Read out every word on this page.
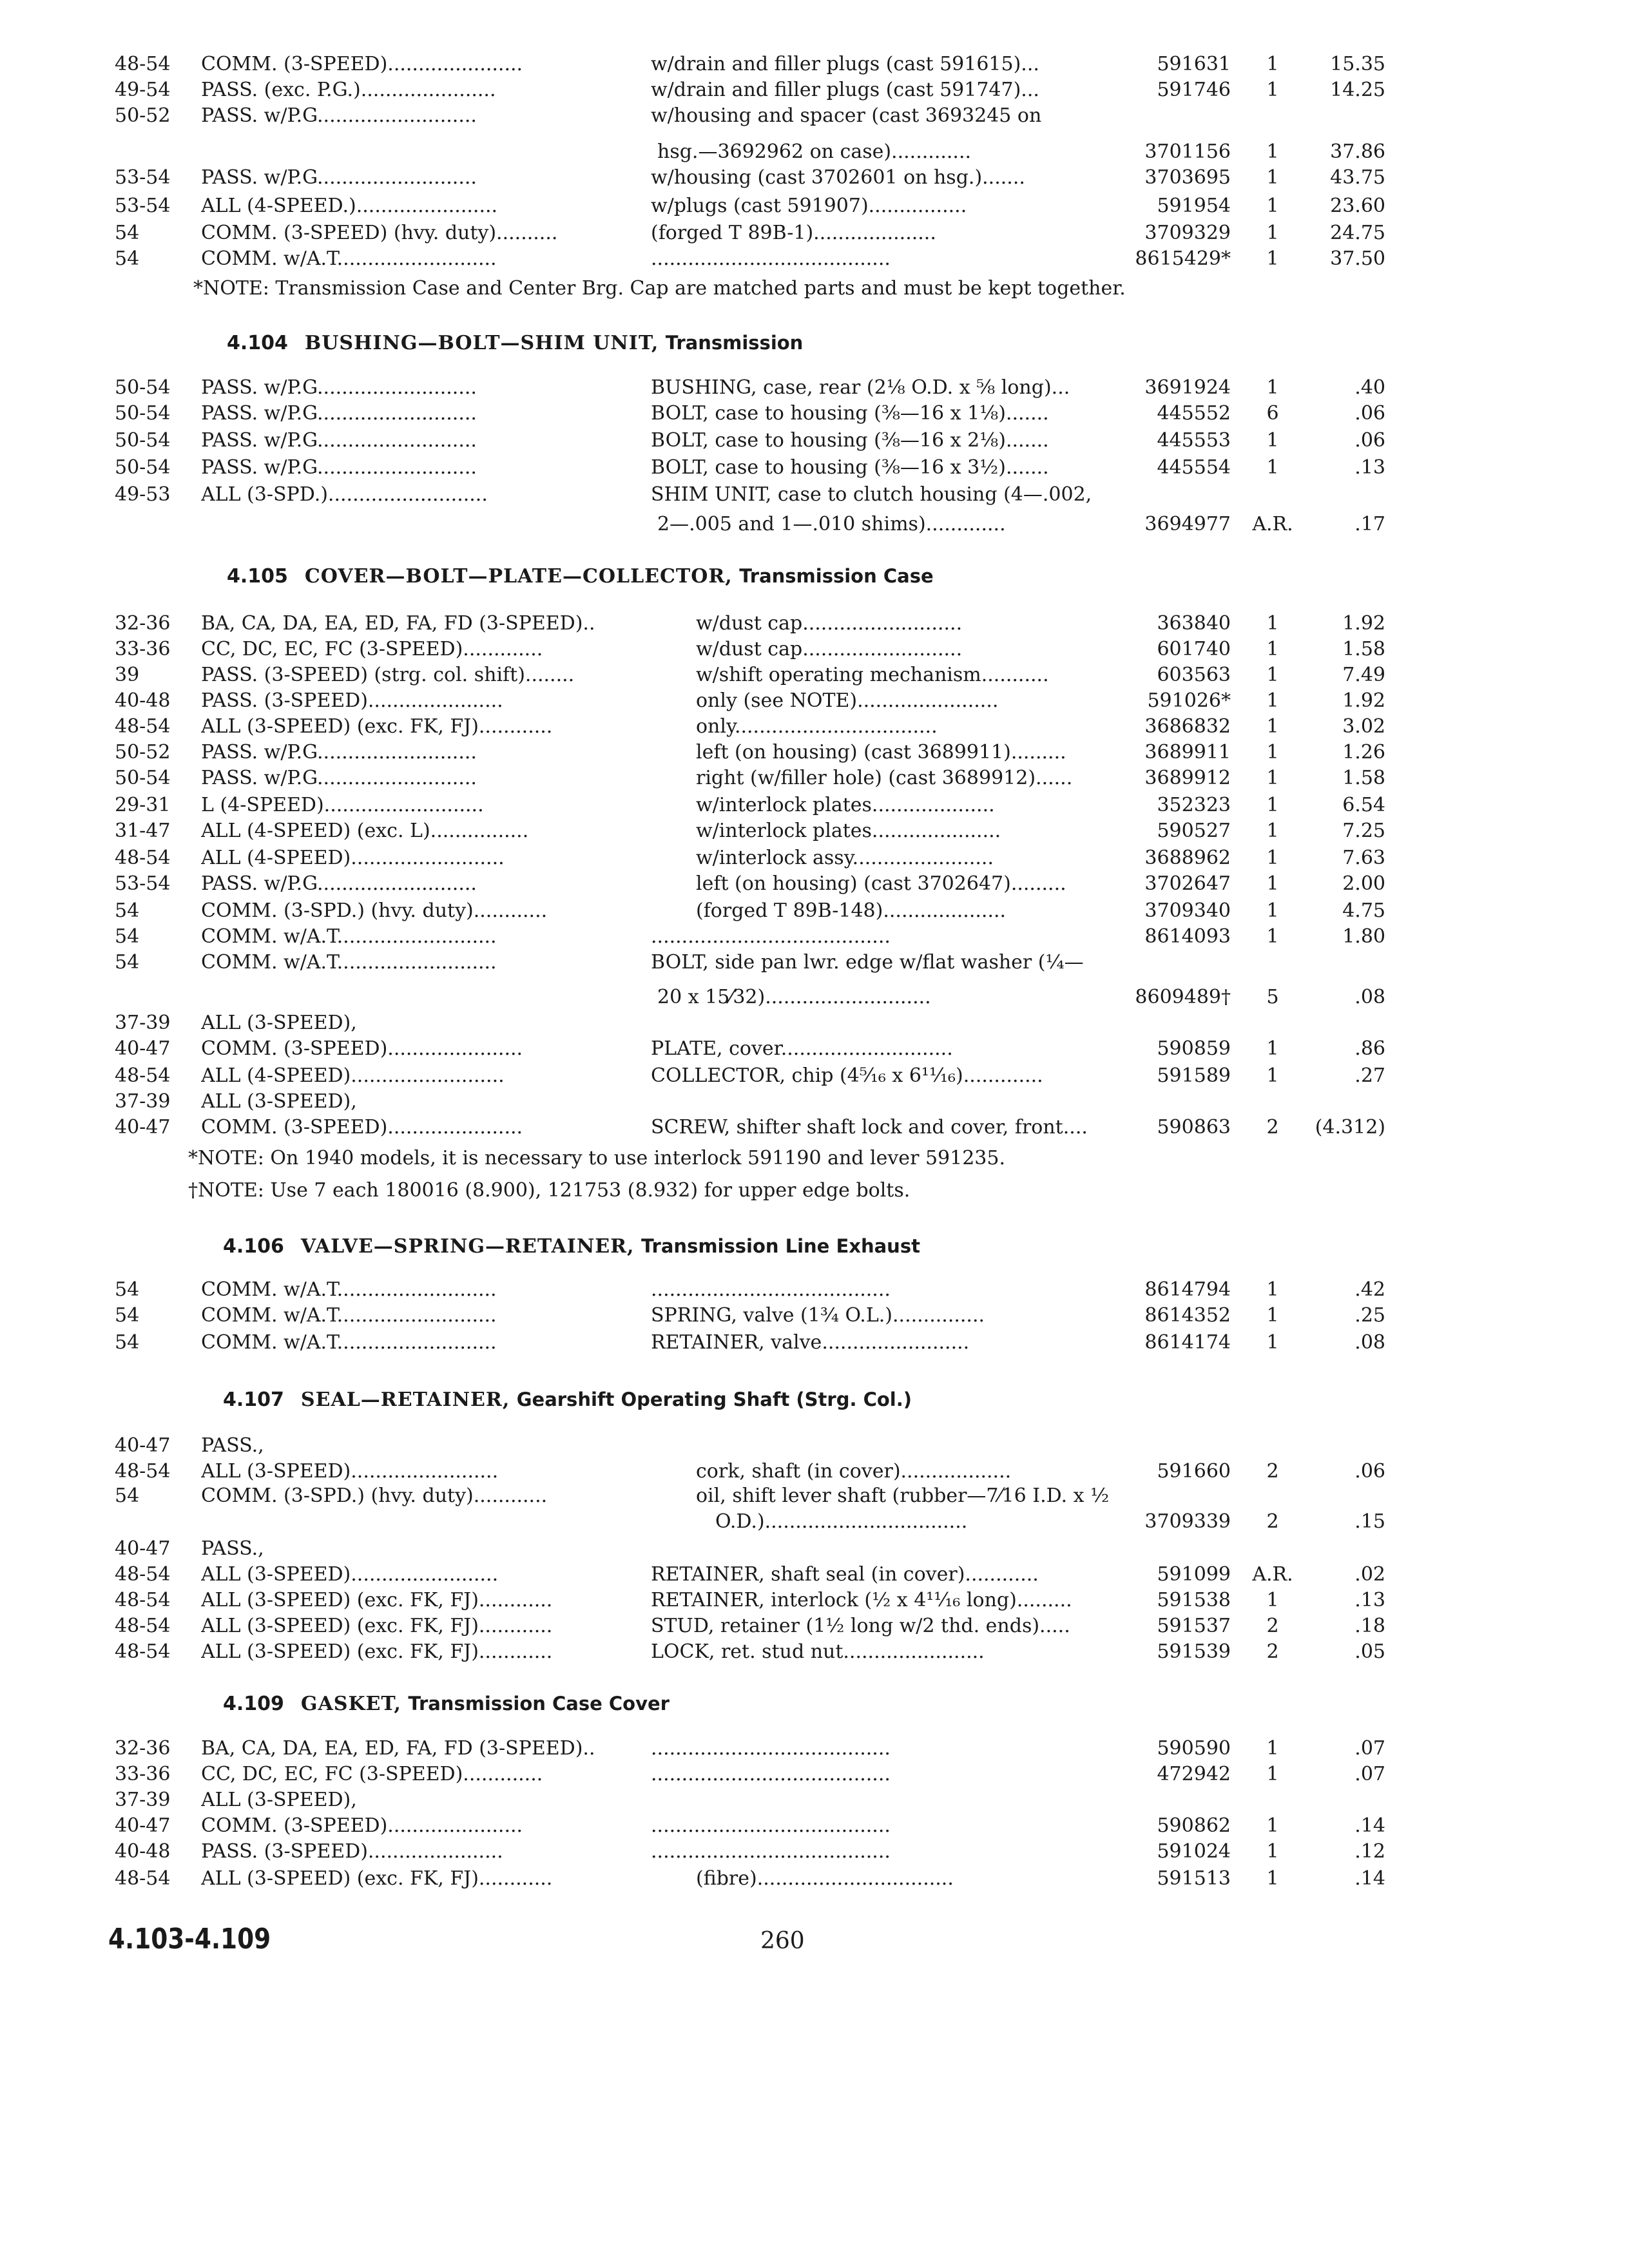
48-54 COMM. (3-SPEED)......................	w/drain and filler plugs (cast 591615)...	591631	1	15.35
49-54 PASS. (exc. P.G.)......................	w/drain and filler plugs (cast 591747)...	591746	1	14.25
50-52 PASS. w/P.G..........................	w/housing and spacer (cast 3693245 on
hsg.—3692962 on case).............	3701156	1	37.86
53-54 PASS. w/P.G..........................	w/housing (cast 3702601 on hsg.).......	3703695	1	43.75
53-54 ALL (4-SPEED.).......................	w/plugs (cast 591907)................	591954	1	23.60
54	COMM. (3-SPEED) (hvy. duty)..........	(forged T 89B-1)....................	3709329	1	24.75
54	COMM. w/A.T..........................	.......................................	8615429*	1	37.50
*NOTE: Transmission Case and Center Brg. Cap are matched parts and must be kept together.
4.104 BUSHING—BOLT—SHIM UNIT, Transmission
50-54 PASS. w/P.G..........................	BUSHING, case, rear (2⅛ O.D. x ⅝ long)...	3691924	1	.40
50-54 PASS. w/P.G..........................	BOLT, case to housing (⅜—16 x 1⅛).......	445552	6	.06
50-54 PASS. w/P.G..........................	BOLT, case to housing (⅜—16 x 2⅛).......	445553	1	.06
50-54 PASS. w/P.G..........................	BOLT, case to housing (⅜—16 x 3½).......	445554	1	.13
49-53 ALL (3-SPD.)..........................	SHIM UNIT, case to clutch housing (4—.002,
2—.005 and 1—.010 shims).............	3694977 A.R.	.17
4.105 COVER—BOLT—PLATE—COLLECTOR, Transmission Case
32-36 BA, CA, DA, EA, ED, FA, FD (3-SPEED)..	w/dust cap..........................	363840	1	1.92
33-36 CC, DC, EC, FC (3-SPEED).............	w/dust cap..........................	601740	1	1.58
39	PASS. (3-SPEED) (strg. col. shift)........	w/shift operating mechanism...........	603563	1	7.49
40-48 PASS. (3-SPEED)......................	only (see NOTE).......................	591026*	1	1.92
48-54 ALL (3-SPEED) (exc. FK, FJ)............	only.................................	3686832	1	3.02
50-52 PASS. w/P.G..........................	left (on housing) (cast 3689911).........	3689911	1	1.26
50-54 PASS. w/P.G..........................	right (w/filler hole) (cast 3689912)......	3689912	1	1.58
29-31 L (4-SPEED)..........................	w/interlock plates....................	352323	1	6.54
31-47 ALL (4-SPEED) (exc. L)................	w/interlock plates.....................	590527	1	7.25
48-54 ALL (4-SPEED).........................	w/interlock assy.......................	3688962	1	7.63
53-54 PASS. w/P.G..........................	left (on housing) (cast 3702647).........	3702647	1	2.00
54	COMM. (3-SPD.) (hvy. duty)............	(forged T 89B-148)....................	3709340	1	4.75
54	COMM. w/A.T..........................	.......................................	8614093	1	1.80
54	COMM. w/A.T..........................	BOLT, side pan lwr. edge w/flat washer (¼—
20 x 15⁄32)...........................	8609489†	5	.08
37-39 ALL (3-SPEED),
40-47 COMM. (3-SPEED)......................	PLATE, cover............................	590859	1	.86
48-54 ALL (4-SPEED).........................	COLLECTOR, chip (4⁵⁄₁₆ x 6¹¹⁄₁₆).............	591589	1	.27
37-39 ALL (3-SPEED),
40-47 COMM. (3-SPEED)......................	SCREW, shifter shaft lock and cover, front....	590863	2	(4.312)
*NOTE: On 1940 models, it is necessary to use interlock 591190 and lever 591235.
†NOTE: Use 7 each 180016 (8.900), 121753 (8.932) for upper edge bolts.
4.106 VALVE—SPRING—RETAINER, Transmission Line Exhaust
54	COMM. w/A.T..........................	.......................................	8614794	1	.42
54	COMM. w/A.T..........................	SPRING, valve (1¾ O.L.)...............	8614352	1	.25
54	COMM. w/A.T..........................	RETAINER, valve........................	8614174	1	.08
4.107 SEAL—RETAINER, Gearshift Operating Shaft (Strg. Col.)
40-47 PASS.,
48-54 ALL (3-SPEED)........................	cork, shaft (in cover)..................	591660	2	.06
54	COMM. (3-SPD.) (hvy. duty)............	oil, shift lever shaft (rubber—7⁄16 I.D. x ½
O.D.).................................	3709339	2	.15
40-47 PASS.,
48-54 ALL (3-SPEED)........................	RETAINER, shaft seal (in cover)............	591099 A.R.	.02
48-54 ALL (3-SPEED) (exc. FK, FJ)............	RETAINER, interlock (½ x 4¹¹⁄₁₆ long).........	591538	1	.13
48-54 ALL (3-SPEED) (exc. FK, FJ)............	STUD, retainer (1½ long w/2 thd. ends).....	591537	2	.18
48-54 ALL (3-SPEED) (exc. FK, FJ)............	LOCK, ret. stud nut.......................	591539	2	.05
4.109 GASKET, Transmission Case Cover
32-36 BA, CA, DA, EA, ED, FA, FD (3-SPEED)..	.......................................	590590	1	.07
33-36 CC, DC, EC, FC (3-SPEED).............	.......................................	472942	1	.07
37-39 ALL (3-SPEED),
40-47 COMM. (3-SPEED)......................	.......................................	590862	1	.14
40-48 PASS. (3-SPEED)......................	.......................................	591024	1	.12
48-54 ALL (3-SPEED) (exc. FK, FJ)............	(fibre)................................	591513	1	.14
4.103-4.109	260
